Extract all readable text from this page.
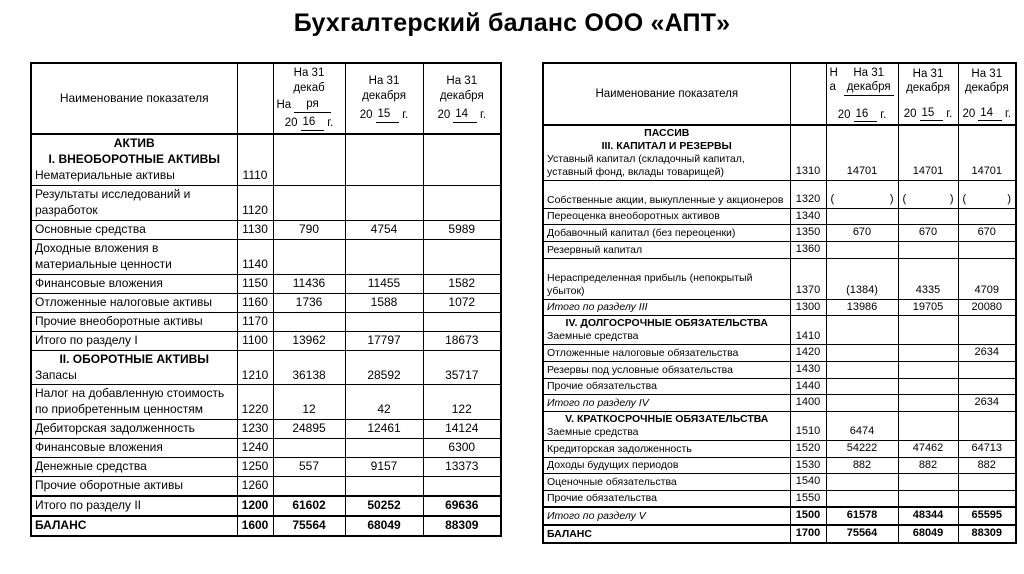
Бухгалтерский баланс ООО «АПТ»
Наименование показателя		
На 31
декаб
На	ря
20 16	г.

На 31
декабря
20 15	г.

На 31
декабря
20 14	г.

АКТИВ
I. ВНЕОБОРОТНЫЕ АКТИВЫ
Нематериальные активы	1110			

Результаты исследований и разработок	1120			

Основные средства	1130	790	4754	5989

Доходные вложения в материальные ценности	1140			

Финансовые вложения	1150	11436	11455	1582

Отложенные налоговые активы	1160	1736	1588	1072

Прочие внеоборотные активы	1170			

Итого по разделу I	1100	13962	17797	18673

II. ОБОРОТНЫЕ АКТИВЫ
Запасы	1210	36138	28592	35717

Налог на добавленную стоимость по приобретенным ценностям	1220	12	42	122

Дебиторская задолженность	1230	24895	12461	14124

Финансовые вложения	1240			6300

Денежные средства	1250	557	9157	13373

Прочие оборотные активы	1260			

Итого по разделу II	1200	61602	50252	69636

БАЛАНС	1600	75564	68049	88309
Наименование показателя		
Н
а
На 31
декабря
20 16	г.

На 31
декабря
20 15	г.

На 31
декабря
20 14	г.

ПАССИВ
III. КАПИТАЛ И РЕЗЕРВЫ
Уставный капитал (складочный капитал, уставный фонд, вклады товарищей)	1310	14701	14701	14701

Собственные акции, выкупленные у акционеров	1320	( )	( )	( )

Переоценка внеоборотных активов	1340			

Добавочный капитал (без переоценки)	1350	670	670	670

Резервный капитал	1360			

Нераспределенная прибыль (непокрытый убыток)	1370	(1384)	4335	4709

Итого по разделу III	1300	13986	19705	20080

IV. ДОЛГОСРОЧНЫЕ ОБЯЗАТЕЛЬСТВА
Заемные средства	1410			

Отложенные налоговые обязательства	1420			2634

Резервы под условные обязательства	1430			

Прочие обязательства	1440			

Итого по разделу IV	1400			2634

V. КРАТКОСРОЧНЫЕ ОБЯЗАТЕЛЬСТВА
Заемные средства	1510	6474		

Кредиторская задолженность	1520	54222	47462	64713

Доходы будущих периодов	1530	882	882	882

Оценочные обязательства	1540			

Прочие обязательства	1550			

Итого по разделу V	1500	61578	48344	65595

БАЛАНС	1700	75564	68049	88309
